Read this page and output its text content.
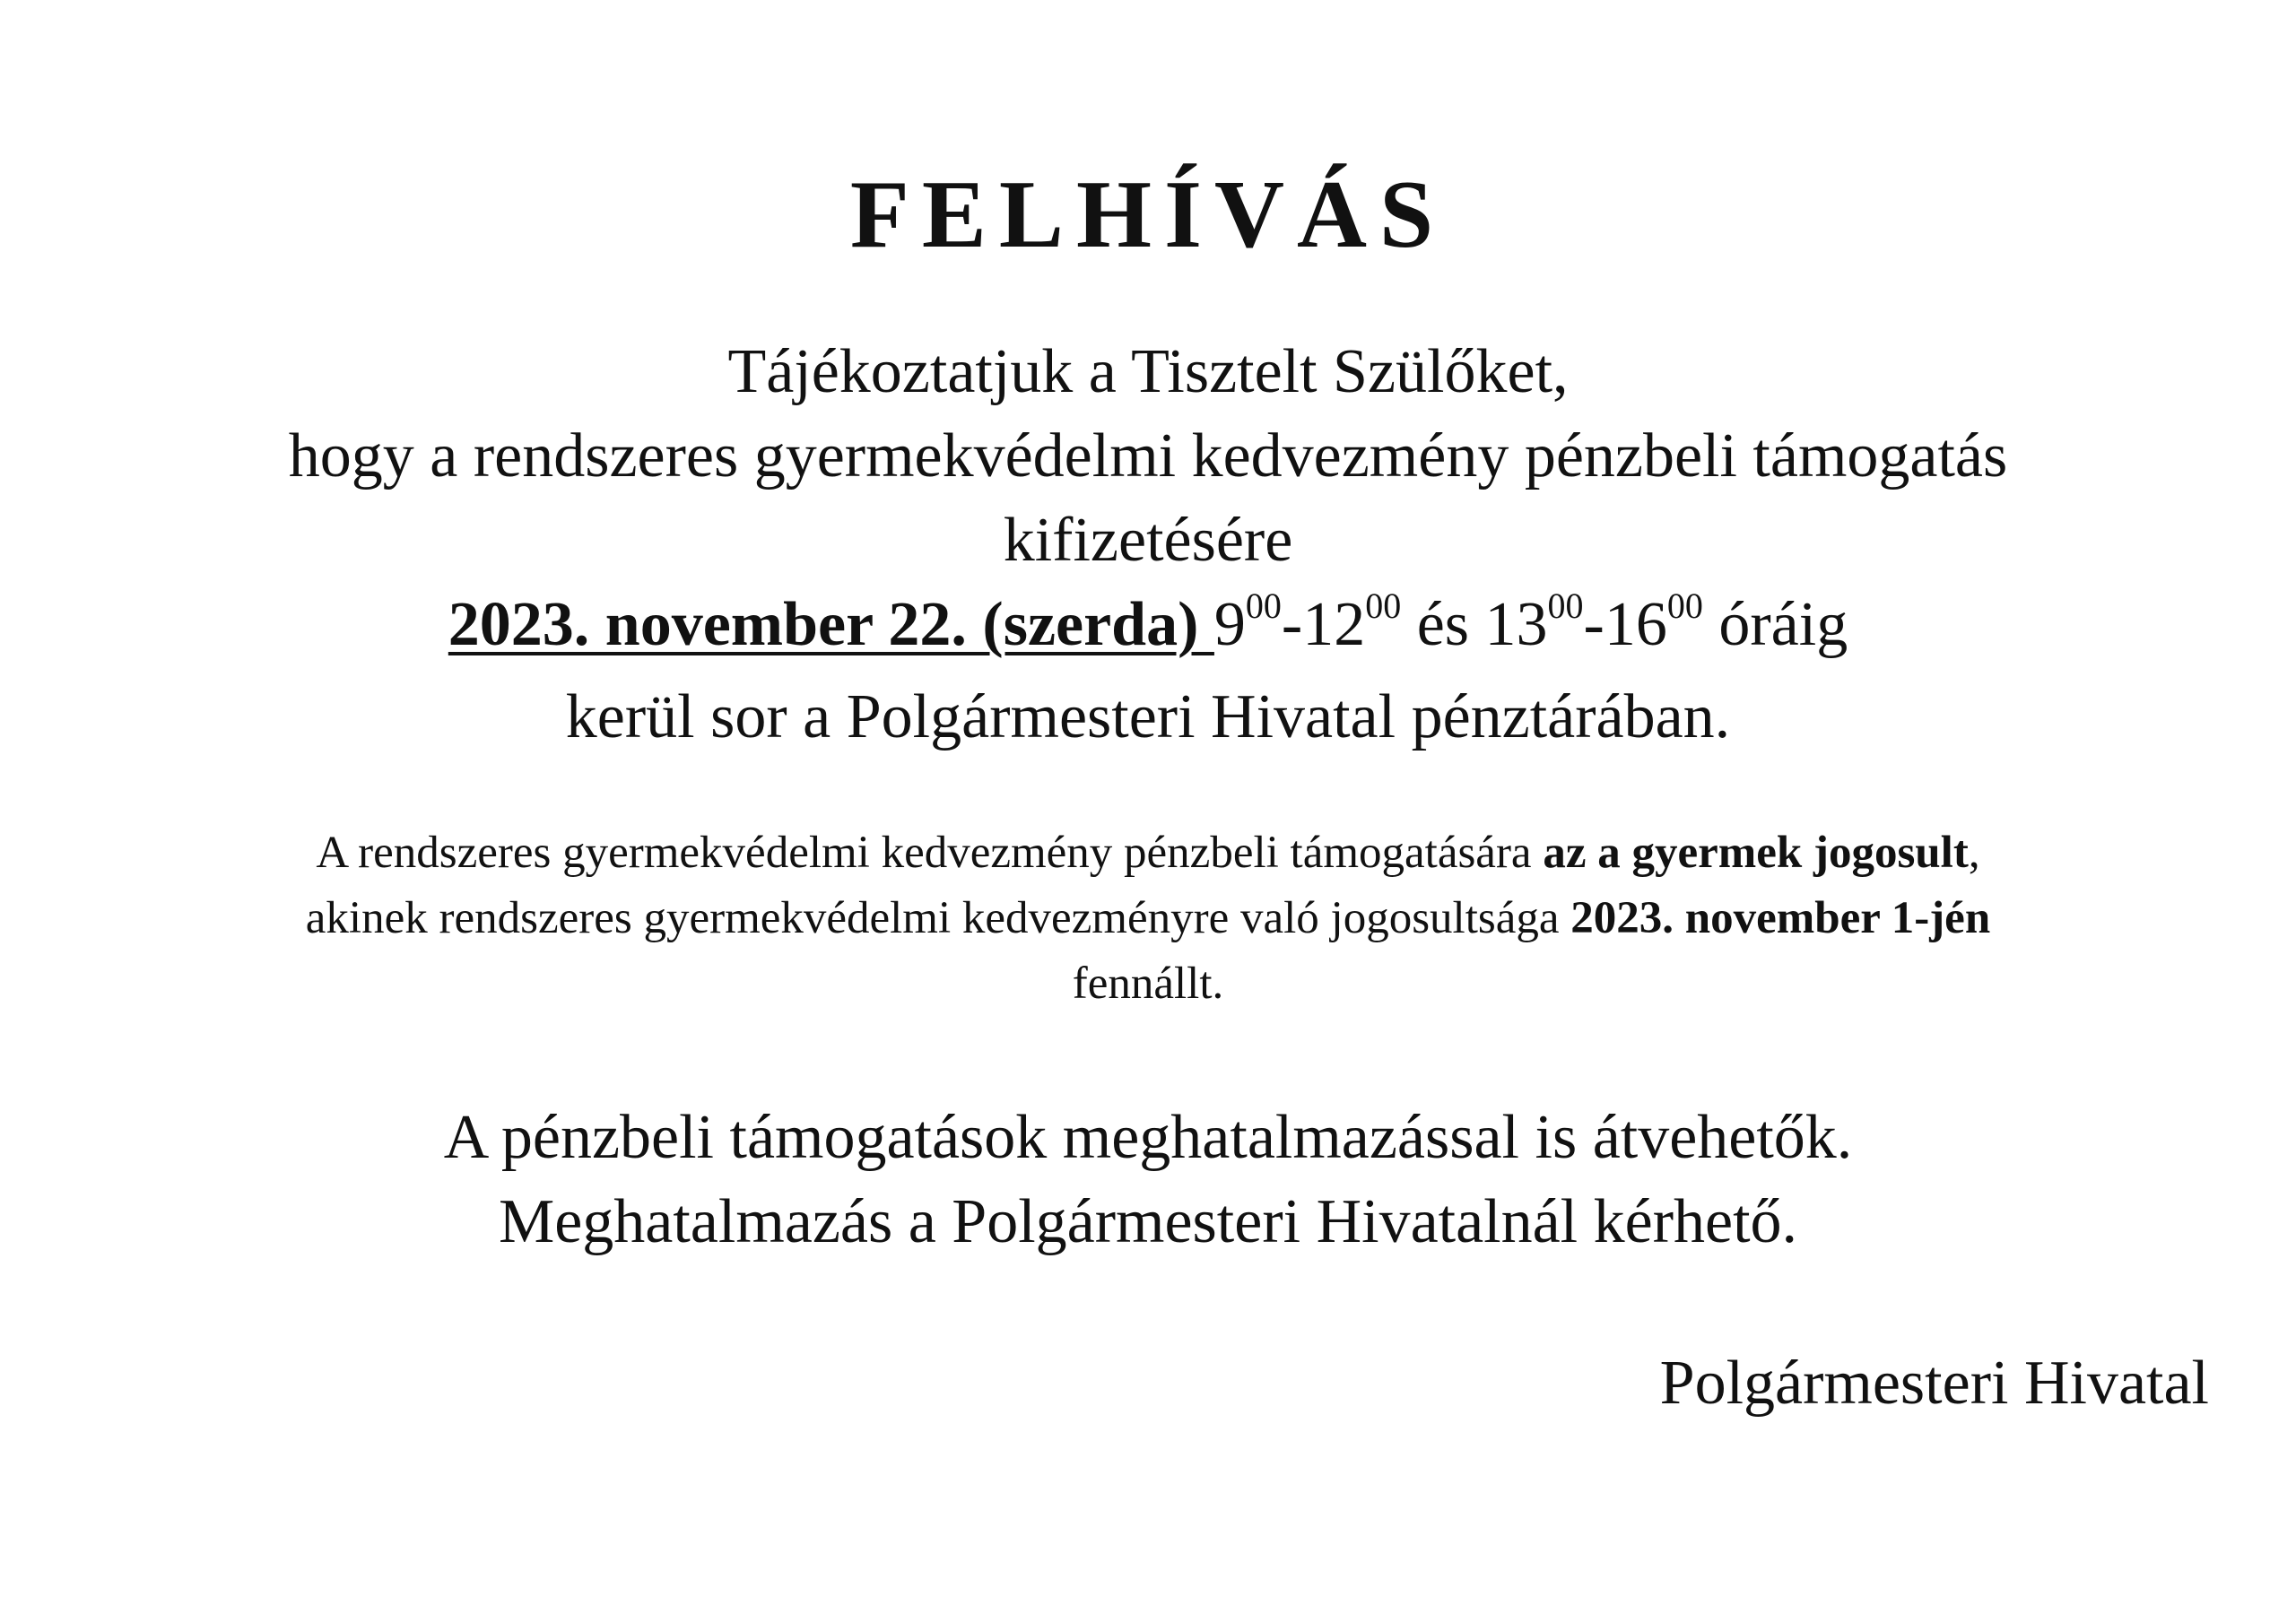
FELHÍVÁS
Tájékoztatjuk a Tisztelt Szülőket,
hogy a rendszeres gyermekvédelmi kedvezmény pénzbeli támogatás
kifizetésére
2023. november 22. (szerda) $9^{00}-12^{00}$ és $13^{00}-16^{00}$ óráig
kerül sor a Polgármesteri Hivatal pénztárában.
A rendszeres gyermekvédelmi kedvezmény pénzbeli támogatására az a gyermek jogosult,
akinek rendszeres gyermekvédelmi kedvezményre való jogosultsága 2023. november 1-jén
fennállt.
A pénzbeli támogatások meghatalmazással is átvehetők.
Meghatalmazás a Polgármesteri Hivatalnál kérhető.
Polgármesteri Hivatal
